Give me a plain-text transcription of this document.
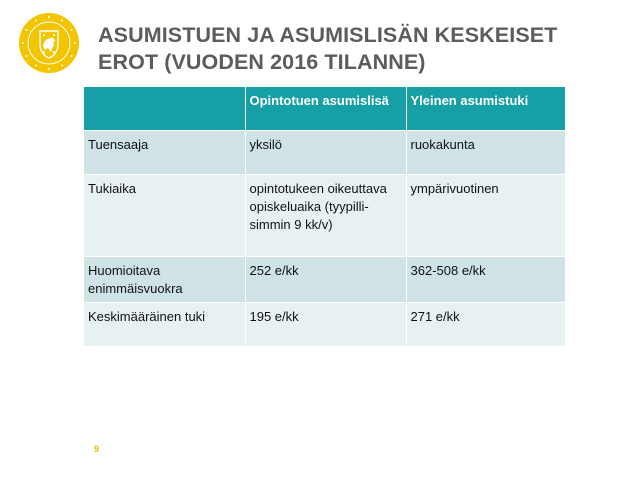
ASUMISTUEN JA ASUMISLISÄN KESKEISET
EROT (VUODEN 2016 TILANNE)
	Opintotuen asumislisä	Yleinen asumistuki
Tuensaaja	yksilö	ruokakunta
Tukiaika	opintotukeen oikeuttava opiskeluaika (tyypilli-simmin 9 kk/v)	ympärivuotinen
Huomioitava enimmäisvuokra	252 e/kk	362-508 e/kk
Keskimääräinen tuki	195 e/kk	271 e/kk
9
